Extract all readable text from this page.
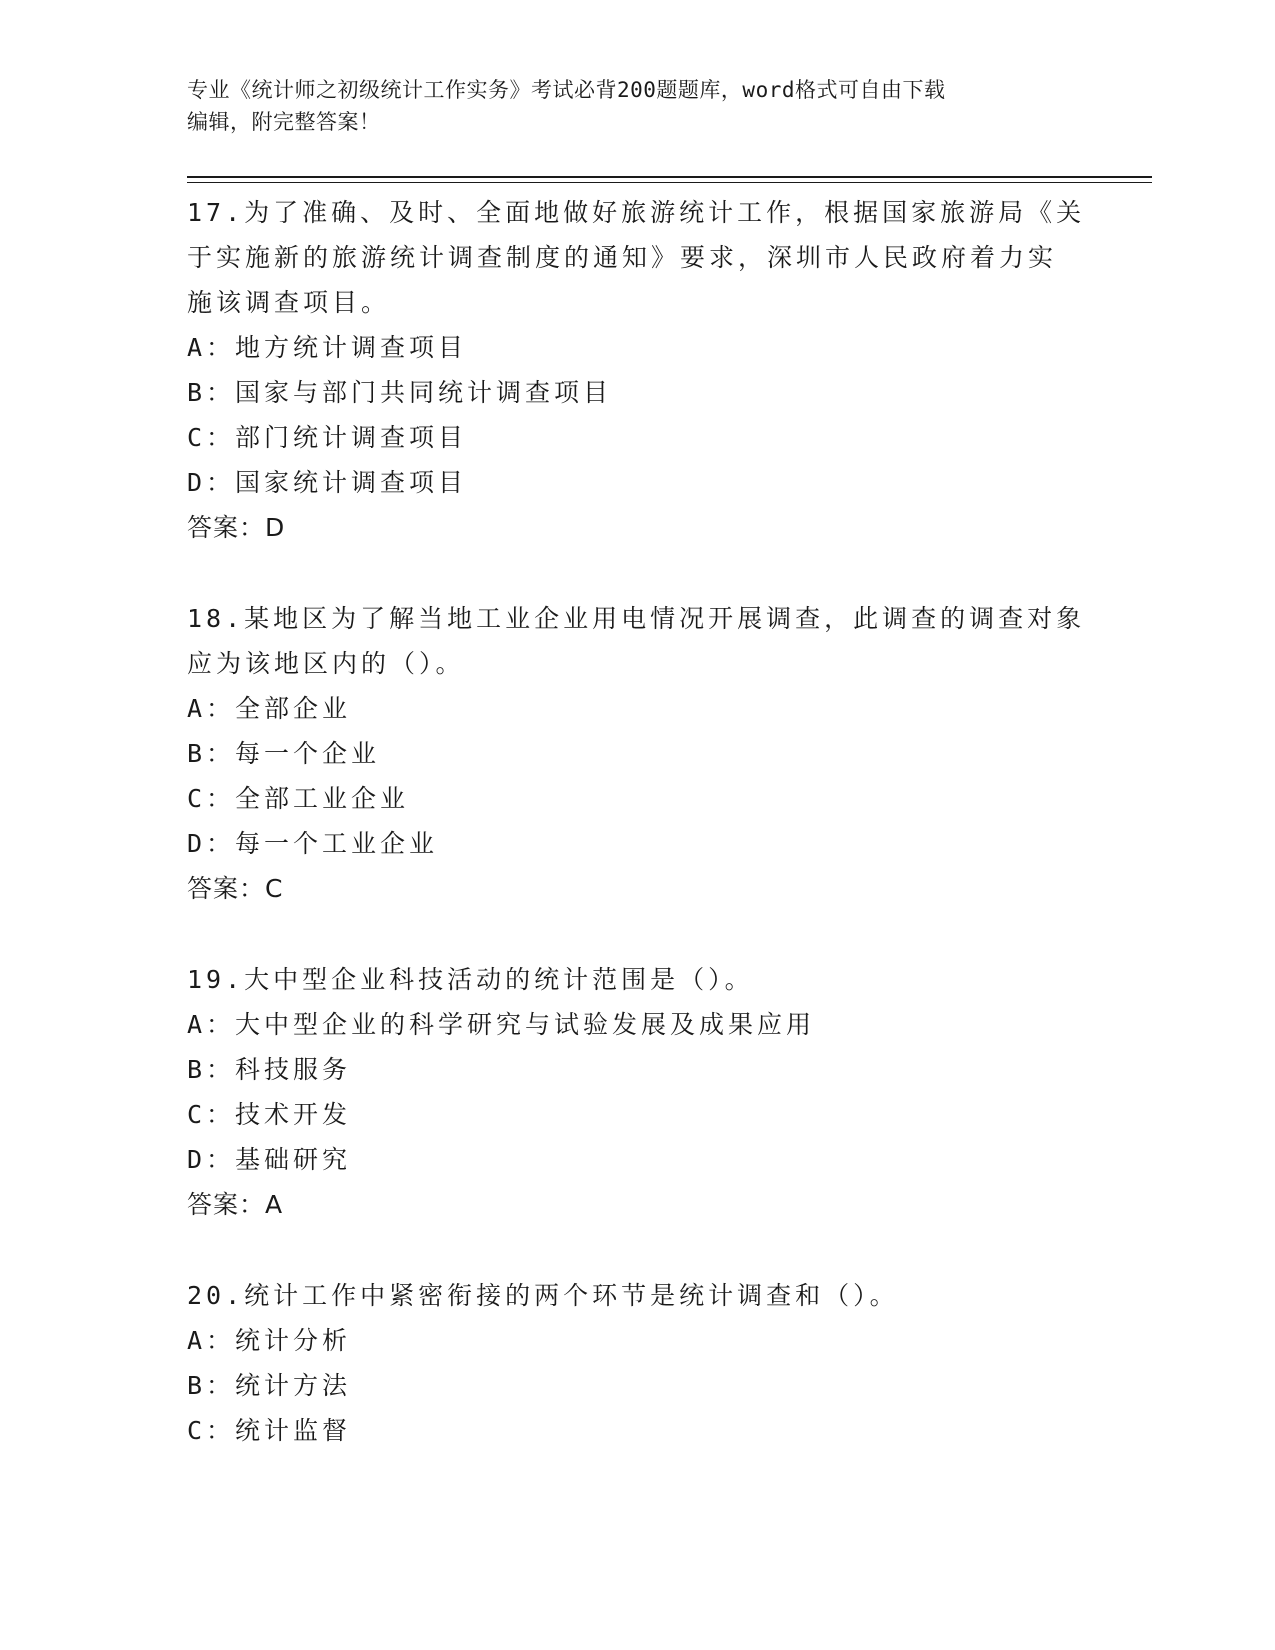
专业《统计师之初级统计工作实务》考试必背200题题库，word格式可自由下载
编辑，附完整答案！

17.为了准确、及时、全面地做好旅游统计工作，根据国家旅游局《关

于实施新的旅游统计调查制度的通知》要求，深圳市人民政府着力实

施该调查项目。

A：地方统计调查项目

B：国家与部门共同统计调查项目

C：部门统计调查项目

D：国家统计调查项目

答案：D

18.某地区为了解当地工业企业用电情况开展调查，此调查的调查对象

应为该地区内的（）。

A：全部企业

B：每一个企业

C：全部工业企业

D：每一个工业企业

答案：C

19.大中型企业科技活动的统计范围是（）。

A：大中型企业的科学研究与试验发展及成果应用

B：科技服务

C：技术开发

D：基础研究

答案：A

20.统计工作中紧密衔接的两个环节是统计调查和（）。

A：统计分析

B：统计方法

C：统计监督
